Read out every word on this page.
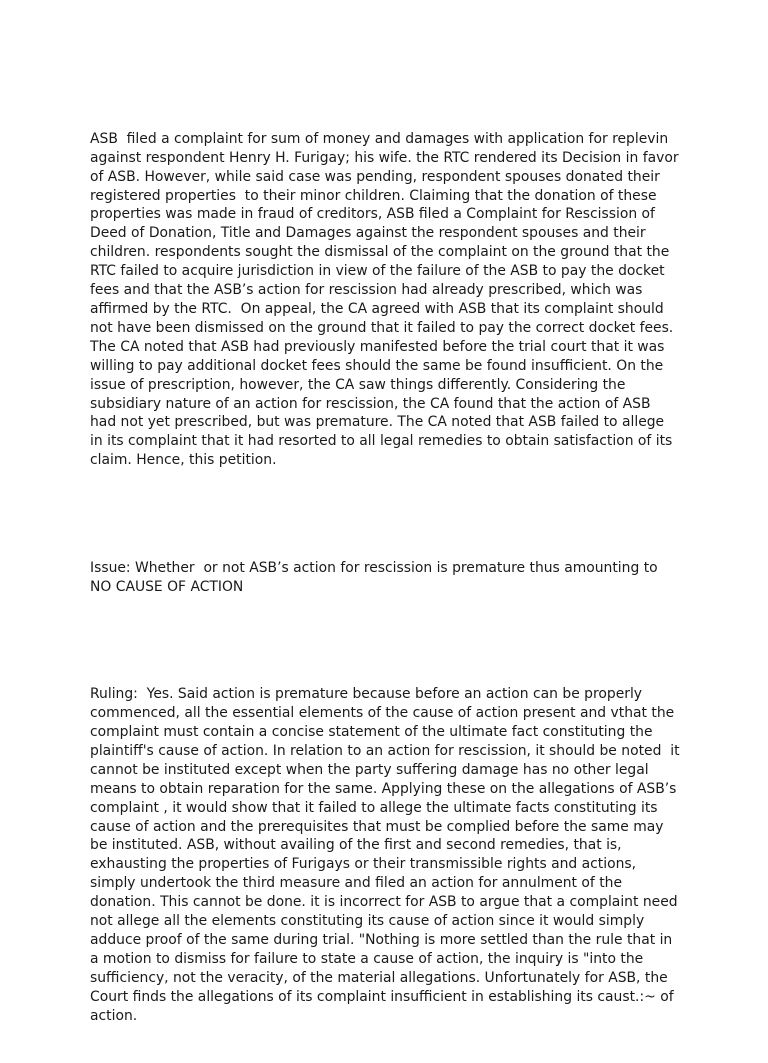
ASB  filed a complaint for sum of money and damages with application for replevin
against respondent Henry H. Furigay; his wife. the RTC rendered its Decision in favor
of ASB. However, while said case was pending, respondent spouses donated their
registered properties  to their minor children. Claiming that the donation of these
properties was made in fraud of creditors, ASB filed a Complaint for Rescission of
Deed of Donation, Title and Damages against the respondent spouses and their
children. respondents sought the dismissal of the complaint on the ground that the
RTC failed to acquire jurisdiction in view of the failure of the ASB to pay the docket
fees and that the ASB’s action for rescission had already prescribed, which was
affirmed by the RTC.  On appeal, the CA agreed with ASB that its complaint should
not have been dismissed on the ground that it failed to pay the correct docket fees.
The CA noted that ASB had previously manifested before the trial court that it was
willing to pay additional docket fees should the same be found insufficient. On the
issue of prescription, however, the CA saw things differently. Considering the
subsidiary nature of an action for rescission, the CA found that the action of ASB
had not yet prescribed, but was premature. The CA noted that ASB failed to allege
in its complaint that it had resorted to all legal remedies to obtain satisfaction of its
claim. Hence, this petition.

Issue: Whether  or not ASB’s action for rescission is premature thus amounting to
NO CAUSE OF ACTION

Ruling:  Yes. Said action is premature because before an action can be properly
commenced, all the essential elements of the cause of action present and vthat the
complaint must contain a concise statement of the ultimate fact constituting the
plaintiff's cause of action. In relation to an action for rescission, it should be noted  it
cannot be instituted except when the party suffering damage has no other legal
means to obtain reparation for the same. Applying these on the allegations of ASB’s
complaint , it would show that it failed to allege the ultimate facts constituting its
cause of action and the prerequisites that must be complied before the same may
be instituted. ASB, without availing of the first and second remedies, that is,
exhausting the properties of Furigays or their transmissible rights and actions,
simply undertook the third measure and filed an action for annulment of the
donation. This cannot be done. it is incorrect for ASB to argue that a complaint need
not allege all the elements constituting its cause of action since it would simply
adduce proof of the same during trial. "Nothing is more settled than the rule that in
a motion to dismiss for failure to state a cause of action, the inquiry is "into the
sufficiency, not the veracity, of the material allegations. Unfortunately for ASB, the
Court finds the allegations of its complaint insufficient in establishing its caust.:~ of
action.
